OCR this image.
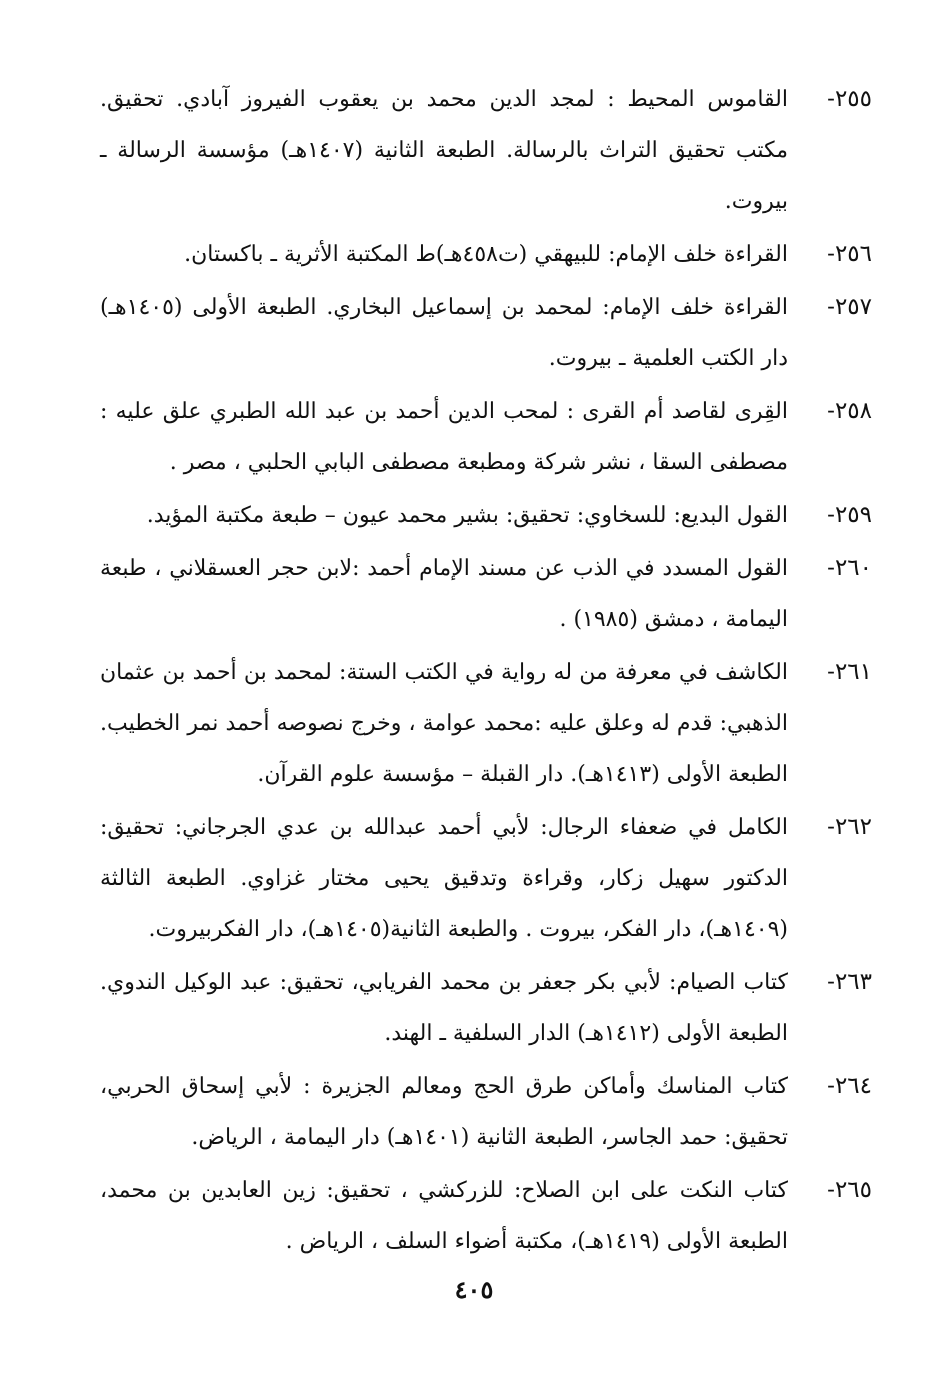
٢٥٥-
القاموس المحيط : لمجد الدين محمد بن يعقوب الفيروز آبادي. تحقيق. مكتب تحقيق التراث بالرسالة. الطبعة الثانية (١٤٠٧هـ) مؤسسة الرسالة ـ بيروت.
٢٥٦-
القراءة خلف الإمام: للبيهقي (ت٤٥٨هـ)ط المكتبة الأثرية ـ باكستان.
٢٥٧-
القراءة خلف الإمام: لمحمد بن إسماعيل البخاري. الطبعة الأولى (١٤٠٥هـ) دار الكتب العلمية ـ بيروت.
٢٥٨-
القِرى لقاصد أم القرى : لمحب الدين أحمد بن عبد الله الطبري علق عليه : مصطفى السقا ، نشر شركة ومطبعة مصطفى البابي الحلبي ، مصر .
٢٥٩-
القول البديع: للسخاوي: تحقيق: بشير محمد عيون – طبعة مكتبة المؤيد.
٢٦٠-
القول المسدد في الذب عن مسند الإمام أحمد :لابن حجر العسقلاني ، طبعة اليمامة ، دمشق (١٩٨٥) .
٢٦١-
الكاشف في معرفة من له رواية في الكتب الستة: لمحمد بن أحمد بن عثمان الذهبي: قدم له وعلق عليه :محمد عوامة ، وخرج نصوصه أحمد نمر الخطيب. الطبعة الأولى (١٤١٣هـ). دار القبلة – مؤسسة علوم القرآن.
٢٦٢-
الكامل في ضعفاء الرجال: لأبي أحمد عبدالله بن عدي الجرجاني: تحقيق: الدكتور سهيل زكار، وقراءة وتدقيق يحيى مختار غزاوي. الطبعة الثالثة (١٤٠٩هـ)، دار الفكر، بيروت . والطبعة الثانية(١٤٠٥هـ)، دار الفكربيروت.
٢٦٣-
كتاب الصيام: لأبي بكر جعفر بن محمد الفريابي، تحقيق: عبد الوكيل الندوي. الطبعة الأولى (١٤١٢هـ) الدار السلفية ـ الهند.
٢٦٤-
كتاب المناسك وأماكن طرق الحج ومعالم الجزيرة : لأبي إسحاق الحربي، تحقيق: حمد الجاسر، الطبعة الثانية (١٤٠١هـ) دار اليمامة ، الرياض.
٢٦٥-
كتاب النكت على ابن الصلاح: للزركشي ، تحقيق: زين العابدين بن محمد، الطبعة الأولى (١٤١٩هـ)، مكتبة أضواء السلف ، الرياض .
٤٠٥
